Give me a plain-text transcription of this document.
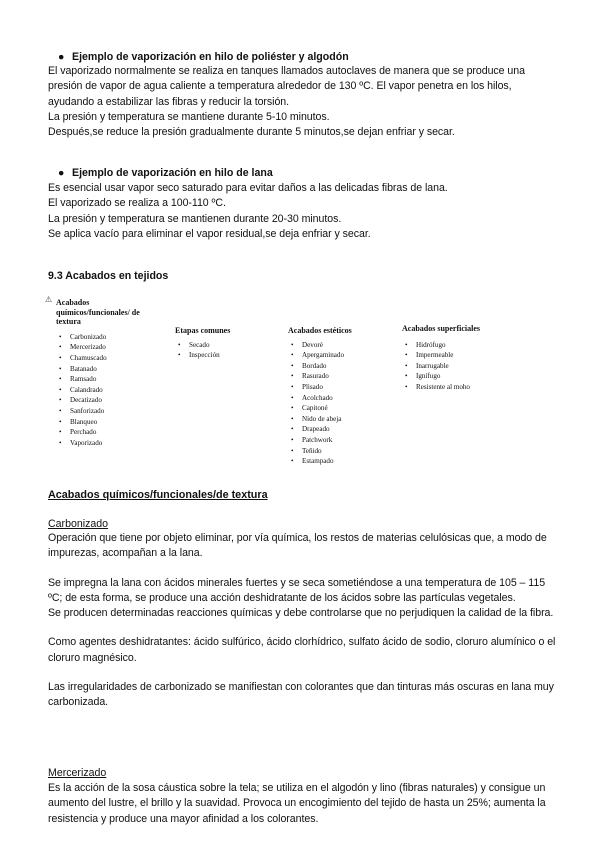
● Ejemplo de vaporización en hilo de poliéster y algodón

El vaporizado normalmente se realiza en tanques llamados autoclaves de manera que se produce una presión de vapor de agua caliente a temperatura alrededor de 130 ºC. El vapor penetra en los hilos, ayudando a estabilizar las fibras y reducir la torsión.

La presión y temperatura se mantiene durante 5-10 minutos.

Después,se reduce la presión gradualmente durante 5 minutos,se dejan enfriar y secar.

● Ejemplo de vaporización en hilo de lana

Es esencial usar vapor seco saturado para evitar daños a las delicadas fibras de lana.

El vaporizado se realiza a 100-110 ºC.

La presión y temperatura se mantienen durante 20-30 minutos.

Se aplica vacío para eliminar el vapor residual,se deja enfriar y secar.

9.3 Acabados en tejidos
⚠ Acabados químicos/funcionales/ de textura
• Carbonizado
• Mercerizado
• Chamuscado
• Batanado
• Ramsado
• Calandrado
• Decatizado
• Sanforizado
• Blanqueo
• Perchado
• Vaporizado
Etapas comunes
• Secado
• Inspección
Acabados estéticos
• Devoré
• Apergaminado
• Bordado
• Rasurado
• Plisado
• Acolchado
• Capitoné
• Nido de abeja
• Drapeado
• Patchwork
• Teñido
• Estampado
Acabados superficiales
• Hidrófugo
• Impermeable
• Inarrugable
• Ignífugo
• Resistente al moho
Acabados químicos/funcionales/de textura
Carbonizado

Operación que tiene por objeto eliminar, por vía química, los restos de materias celulósicas que, a modo de impurezas, acompañan a la lana.

Se impregna la lana con ácidos minerales fuertes y se seca sometiéndose a una temperatura de 105 – 115 ºC; de esta forma, se produce una acción deshidratante de los ácidos sobre las partículas vegetales.

Se producen determinadas reacciones químicas y debe controlarse que no perjudiquen la calidad de la fibra.

Como agentes deshidratantes: ácido sulfúrico, ácido clorhídrico, sulfato ácido de sodio, cloruro alumínico o el cloruro magnésico.

Las irregularidades de carbonizado se manifiestan con colorantes que dan tinturas más oscuras en lana muy carbonizada.

Mercerizado

Es la acción de la sosa cáustica sobre la tela; se utiliza en el algodón y lino (fibras naturales) y consigue un aumento del lustre, el brillo y la suavidad. Provoca un encogimiento del tejido de hasta un 25%; aumenta la resistencia y produce una mayor afinidad a los colorantes.
